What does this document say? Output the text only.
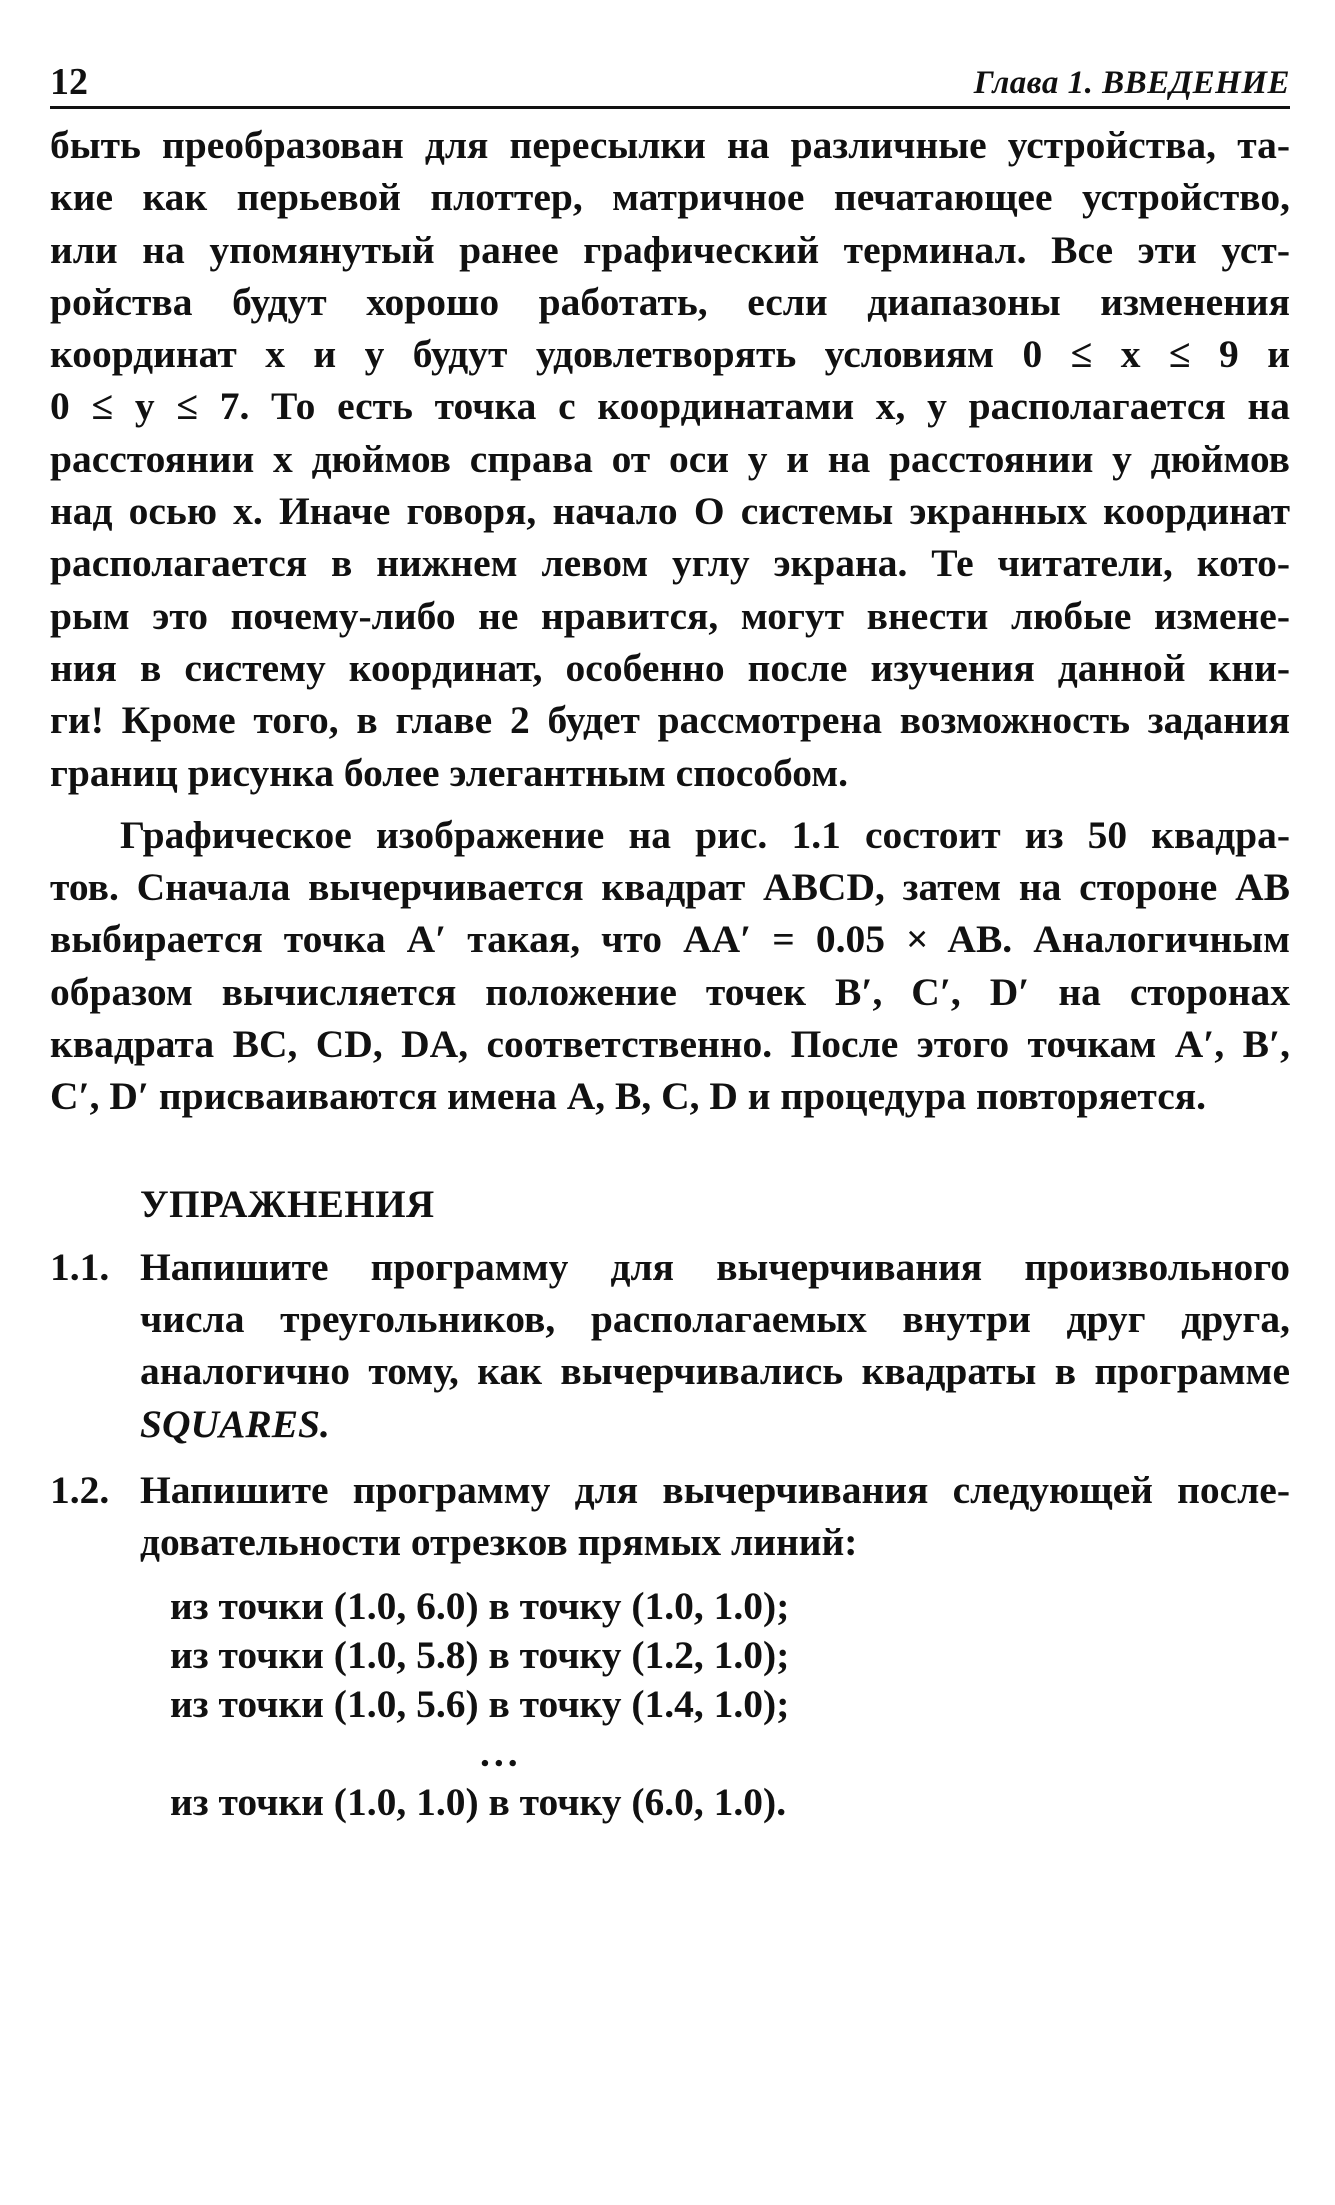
12	Глава 1. ВВЕДЕНИЕ
быть преобразован для пересылки на различные устройства, та-
кие как перьевой плоттер, матричное печатающее устройство,
или на упомянутый ранее графический терминал. Все эти уст-
ройства будут хорошо работать, если диапазоны изменения
координат x и y будут удовлетворять условиям 0 ≤ x ≤ 9 и
0 ≤ y ≤ 7. То есть точка с координатами x, y располагается на
расстоянии x дюймов справа от оси у и на расстоянии y дюймов
над осью х. Иначе говоря, начало О системы экранных координат
располагается в нижнем левом углу экрана. Те читатели, кото-
рым это почему-либо не нравится, могут внести любые измене-
ния в систему координат, особенно после изучения данной кни-
ги! Кроме того, в главе 2 будет рассмотрена возможность задания
границ рисунка более элегантным способом.
Графическое изображение на рис. 1.1 состоит из 50 квадра-
тов. Сначала вычерчивается квадрат ABCD, затем на стороне АВ
выбирается точка A′ такая, что AA′ = 0.05 × AB. Аналогичным
образом вычисляется положение точек B′, C′, D′ на сторонах
квадрата BC, CD, DA, соответственно. После этого точкам A′, B′,
C′, D′ присваиваются имена A, B, C, D и процедура повторяется.
УПРАЖНЕНИЯ
1.1. Напишите программу для вычерчивания произвольного
числа треугольников, располагаемых внутри друг друга,
аналогично тому, как вычерчивались квадраты в программе
SQUARES.
1.2. Напишите программу для вычерчивания следующей после-
довательности отрезков прямых линий:
из точки (1.0, 6.0) в точку (1.0, 1.0);
из точки (1.0, 5.8) в точку (1.2, 1.0);
из точки (1.0, 5.6) в точку (1.4, 1.0);
...
из точки (1.0, 1.0) в точку (6.0, 1.0).
